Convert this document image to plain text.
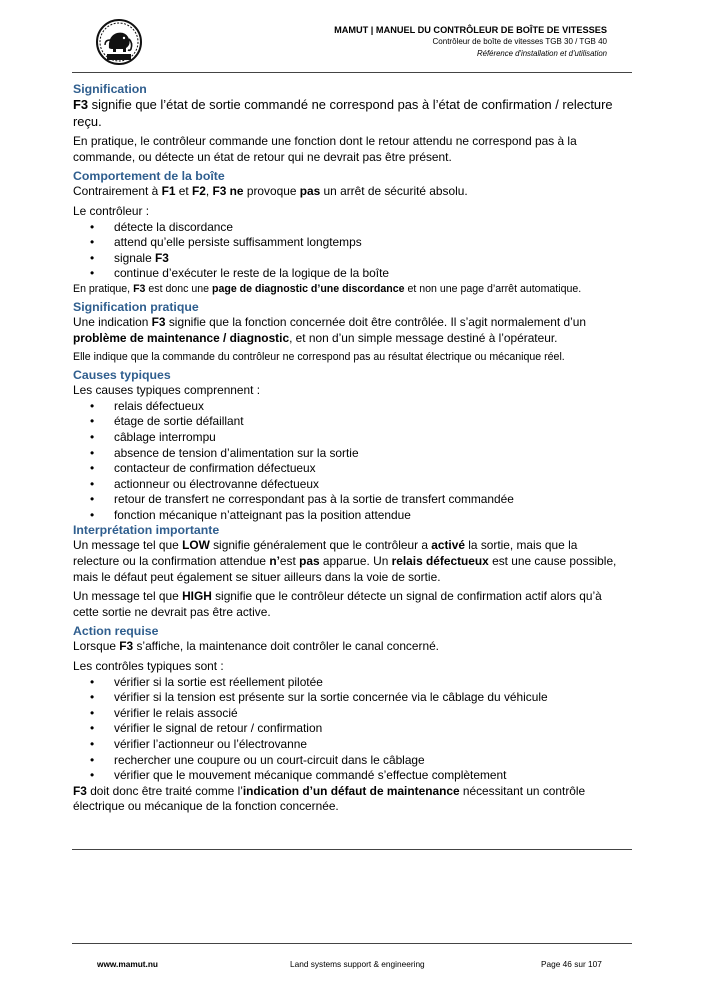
MAMUT | MANUEL DU CONTRÔLEUR DE BOÎTE DE VITESSES
Contrôleur de boîte de vitesses TGB 30 / TGB 40
Référence d'installation et d'utilisation
Signification

F3 signifie que l’état de sortie commandé ne correspond pas à l’état de confirmation / relecture reçu.

En pratique, le contrôleur commande une fonction dont le retour attendu ne correspond pas à la commande, ou détecte un état de retour qui ne devrait pas être présent.

Comportement de la boîte

Contrairement à F1 et F2, F3 ne provoque pas un arrêt de sécurité absolu.

Le contrôleur :

• détecte la discordance
• attend qu’elle persiste suffisamment longtemps
• signale F3
• continue d’exécuter le reste de la logique de la boîte

En pratique, F3 est donc une page de diagnostic d’une discordance et non une page d’arrêt automatique.

Signification pratique

Une indication F3 signifie que la fonction concernée doit être contrôlée. Il s’agit normalement d’un problème de maintenance / diagnostic, et non d’un simple message destiné à l’opérateur.

Elle indique que la commande du contrôleur ne correspond pas au résultat électrique ou mécanique réel.

Causes typiques

Les causes typiques comprennent :

• relais défectueux
• étage de sortie défaillant
• câblage interrompu
• absence de tension d’alimentation sur la sortie
• contacteur de confirmation défectueux
• actionneur ou électrovanne défectueux
• retour de transfert ne correspondant pas à la sortie de transfert commandée
• fonction mécanique n’atteignant pas la position attendue
Interprétation importante

Un message tel que LOW signifie généralement que le contrôleur a activé la sortie, mais que la relecture ou la confirmation attendue n’est pas apparue. Un relais défectueux est une cause possible, mais le défaut peut également se situer ailleurs dans la voie de sortie.

Un message tel que HIGH signifie que le contrôleur détecte un signal de confirmation actif alors qu’à cette sortie ne devrait pas être active.

Action requise

Lorsque F3 s’affiche, la maintenance doit contrôler le canal concerné.

Les contrôles typiques sont :

• vérifier si la sortie est réellement pilotée
• vérifier si la tension est présente sur la sortie concernée via le câblage du véhicule
• vérifier le relais associé
• vérifier le signal de retour / confirmation
• vérifier l’actionneur ou l’électrovanne
• rechercher une coupure ou un court-circuit dans le câblage
• vérifier que le mouvement mécanique commandé s’effectue complètement

F3 doit donc être traité comme l’indication d’un défaut de maintenance nécessitant un contrôle électrique ou mécanique de la fonction concernée.

www.mamut.nu	Land systems support & engineering	Page 46 sur 107
